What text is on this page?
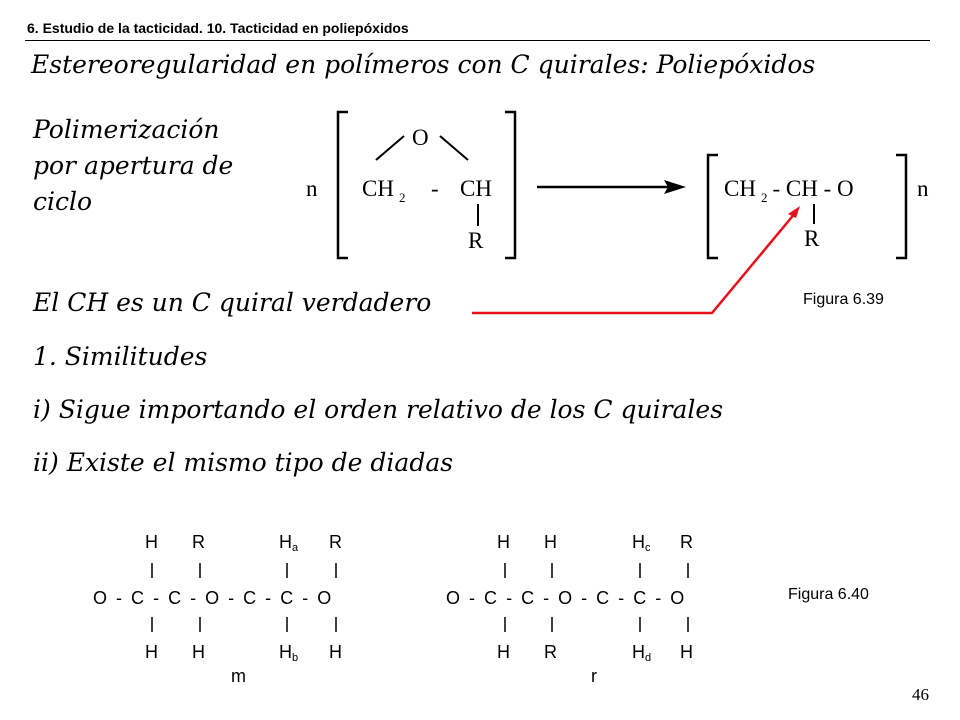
6. Estudio de la tacticidad. 10. Tacticidad en poliepóxidos
Estereoregularidad en polímeros con C quirales: Poliepóxidos
Polimerización
por apertura de
ciclo	n
O
CH $_2$ - CH
R
CH $_2$ - CH - O
R
n
Figura 6.39
El CH es un C quiral verdadero
1. Similitudes
i) Sigue importando el orden relativo de los C quirales
ii) Existe el mismo tipo de diadas
Figura 6.40
H R	$H_a$ R
O - C - C - O - C - C - O
H H	$H_b$ H
m
H H	$H_c$ R
O - C - C - O - C - C - O
H R	$H_d$ H
r
46
